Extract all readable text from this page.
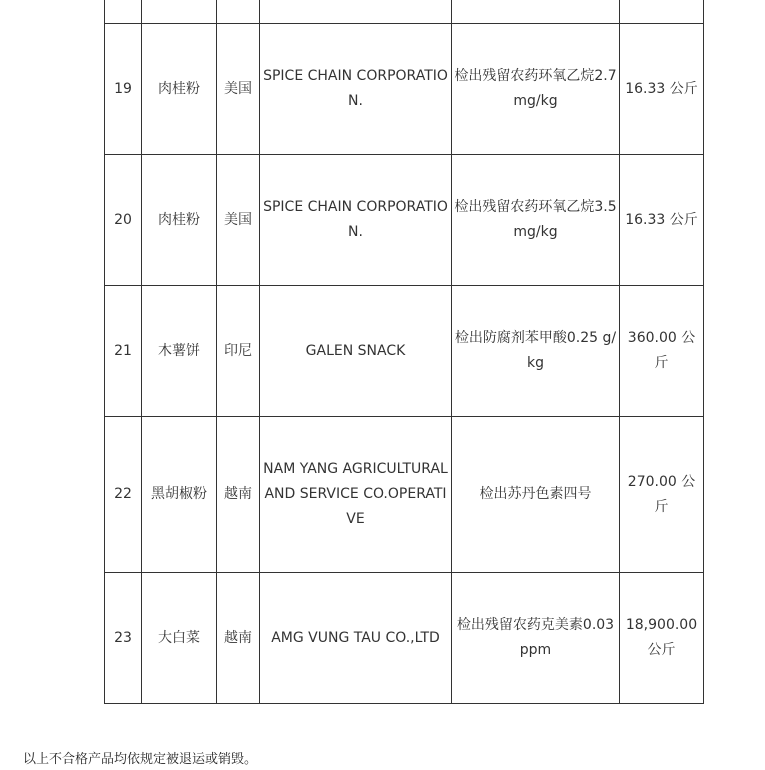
19	肉桂粉	美国	SPICE CHAIN CORPORATION.	检出残留农药环氧乙烷2.7 mg/kg	16.33 公斤
20	肉桂粉	美国	SPICE CHAIN CORPORATION.	检出残留农药环氧乙烷3.5 mg/kg	16.33 公斤
21	木薯饼	印尼	GALEN SNACK	检出防腐剂苯甲酸0.25 g/kg	360.00 公斤
22	黑胡椒粉	越南	NAM YANG AGRICULTURAL AND SERVICE CO.OPERATIVE	检出苏丹色素四号	270.00 公斤
23	大白菜	越南	AMG VUNG TAU CO.,LTD	检出残留农药克美素0.03 ppm	18,900.00 公斤

以上不合格产品均依规定被退运或销毁。
